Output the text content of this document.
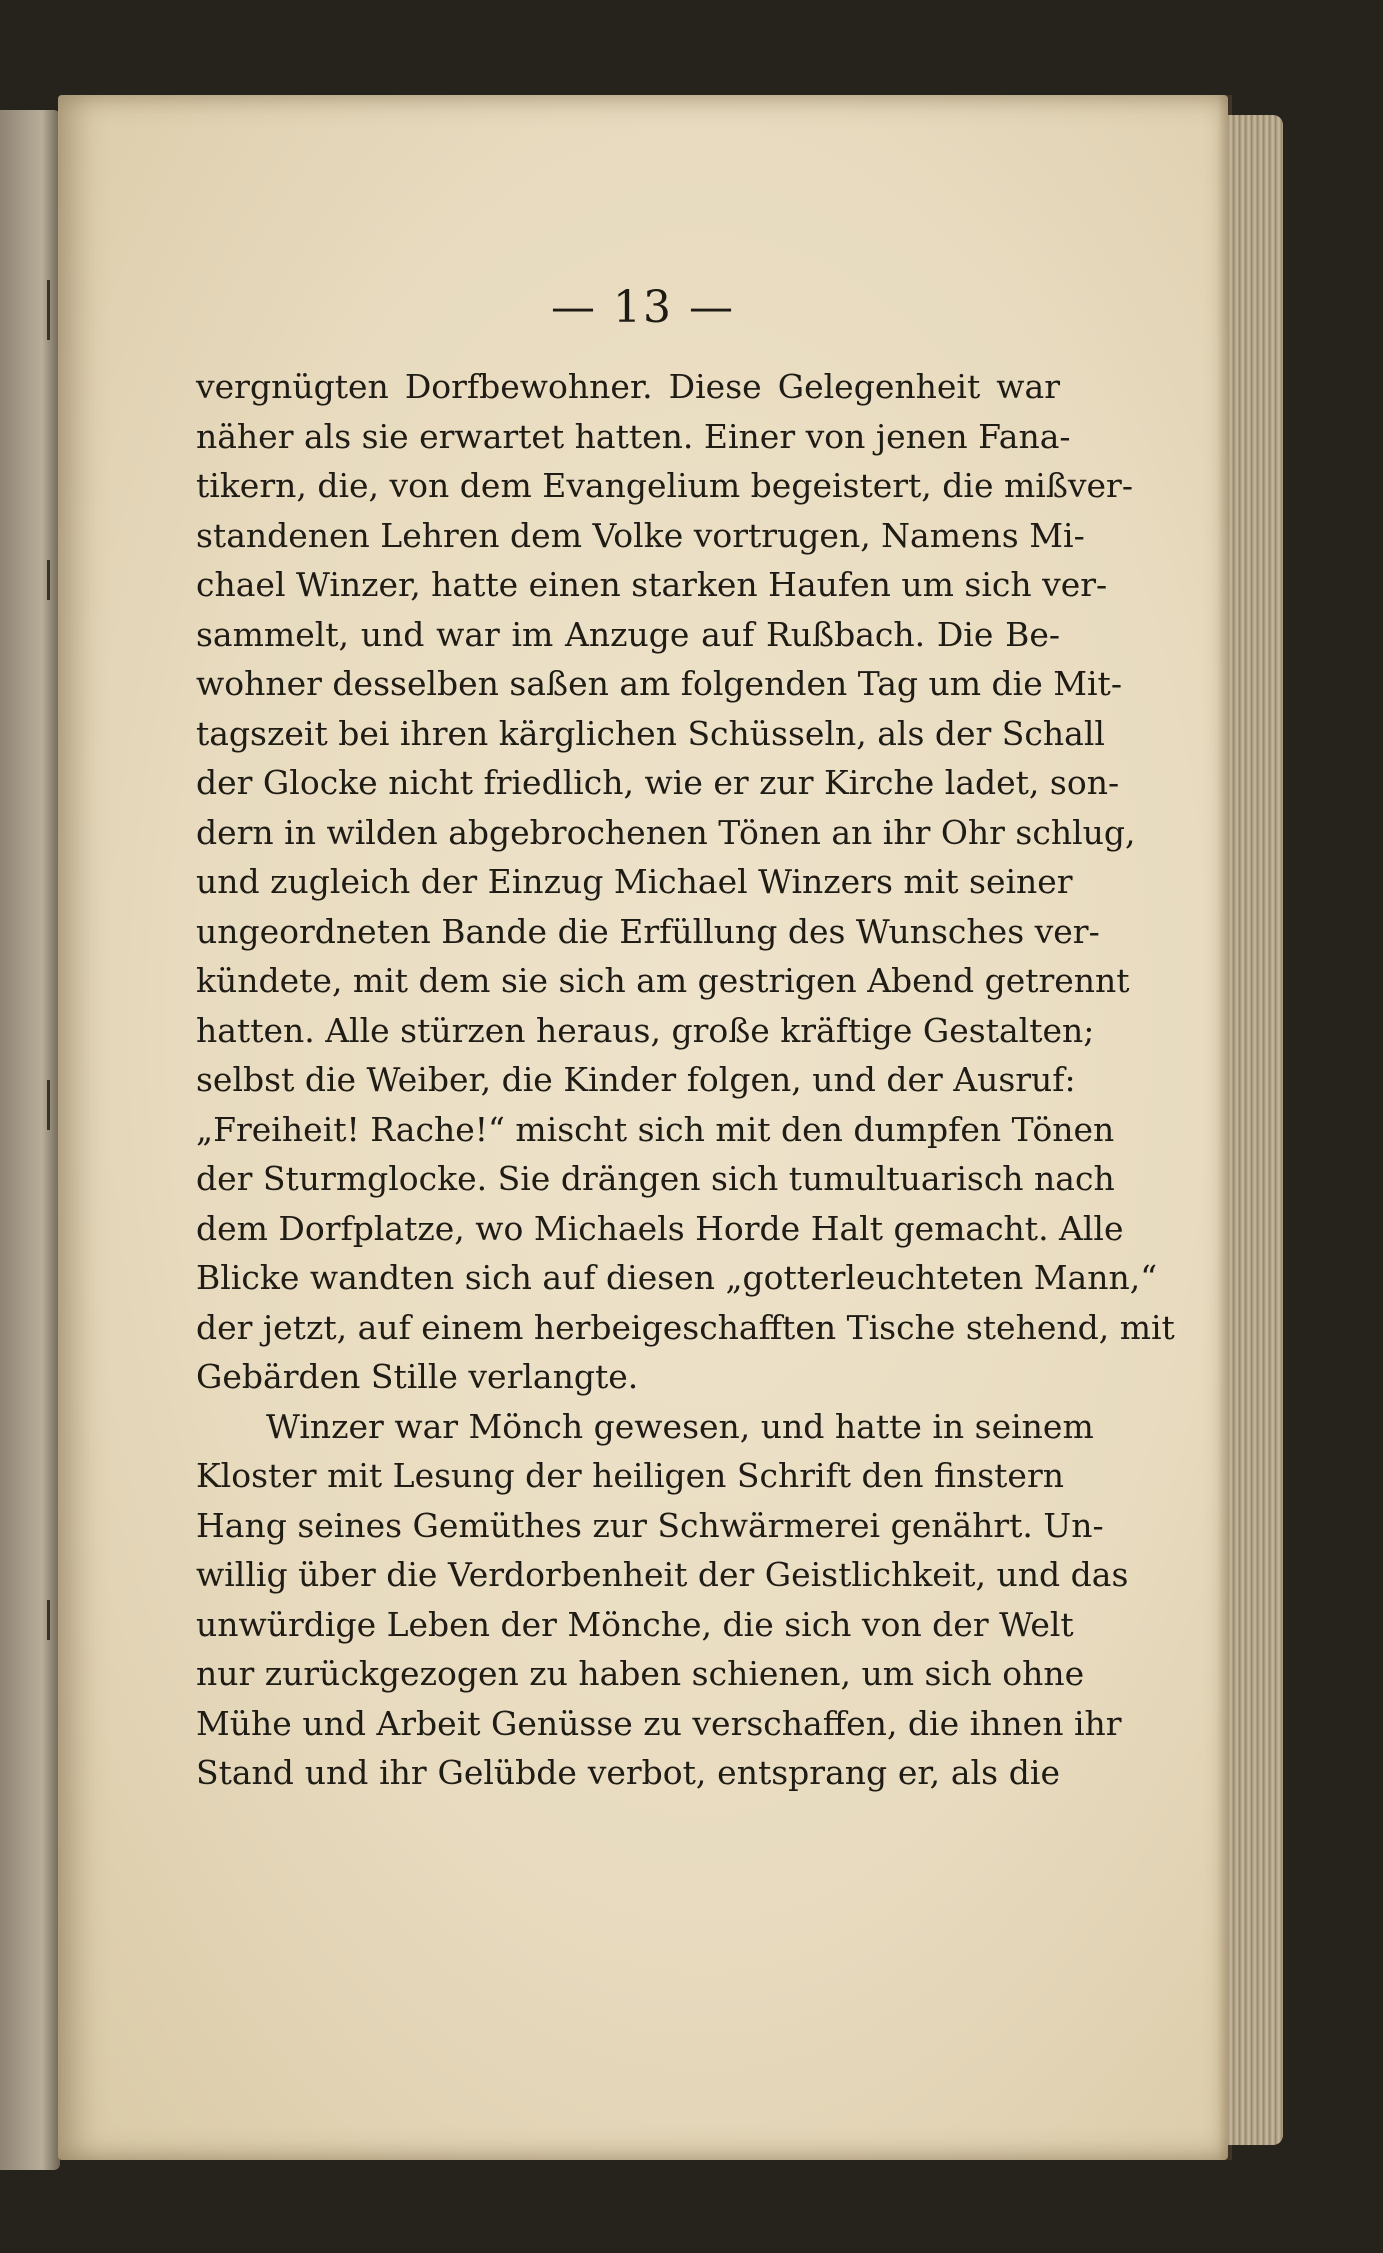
— 13 —
vergnügten Dorfbewohner. Diese Gelegenheit war
näher als sie erwartet hatten. Einer von jenen Fana-
tikern, die, von dem Evangelium begeistert, die mißver-
standenen Lehren dem Volke vortrugen, Namens Mi-
chael Winzer, hatte einen starken Haufen um sich ver-
sammelt, und war im Anzuge auf Rußbach. Die Be-
wohner desselben saßen am folgenden Tag um die Mit-
tagszeit bei ihren kärglichen Schüsseln, als der Schall
der Glocke nicht friedlich, wie er zur Kirche ladet, son-
dern in wilden abgebrochenen Tönen an ihr Ohr schlug,
und zugleich der Einzug Michael Winzers mit seiner
ungeordneten Bande die Erfüllung des Wunsches ver-
kündete, mit dem sie sich am gestrigen Abend getrennt
hatten. Alle stürzen heraus, große kräftige Gestalten;
selbst die Weiber, die Kinder folgen, und der Ausruf:
„Freiheit! Rache!“ mischt sich mit den dumpfen Tönen
der Sturmglocke. Sie drängen sich tumultuarisch nach
dem Dorfplatze, wo Michaels Horde Halt gemacht. Alle
Blicke wandten sich auf diesen „gotterleuchteten Mann,“
der jetzt, auf einem herbeigeschafften Tische stehend, mit
Gebärden Stille verlangte.
Winzer war Mönch gewesen, und hatte in seinem
Kloster mit Lesung der heiligen Schrift den finstern
Hang seines Gemüthes zur Schwärmerei genährt. Un-
willig über die Verdorbenheit der Geistlichkeit, und das
unwürdige Leben der Mönche, die sich von der Welt
nur zurückgezogen zu haben schienen, um sich ohne
Mühe und Arbeit Genüsse zu verschaffen, die ihnen ihr
Stand und ihr Gelübde verbot, entsprang er, als die
